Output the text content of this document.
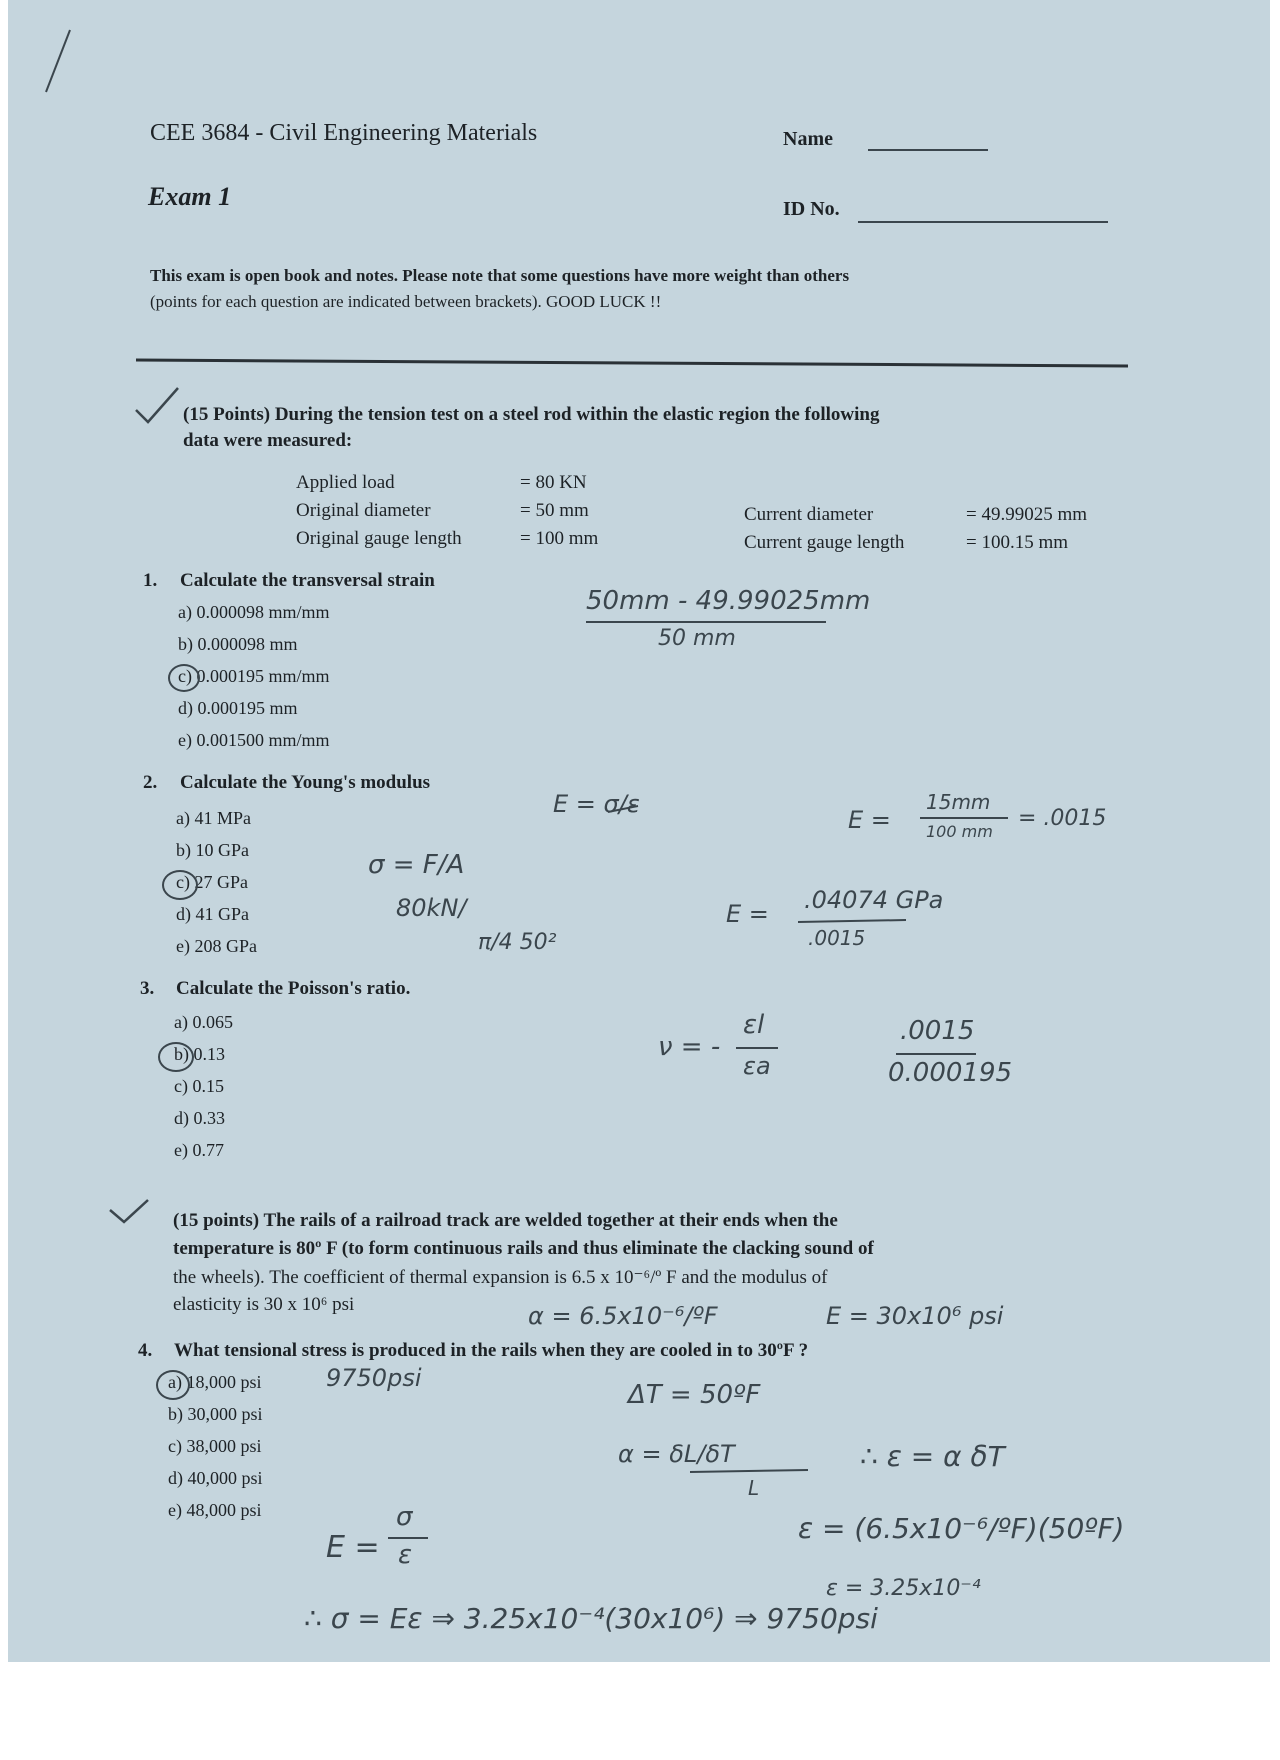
CEE 3684 - Civil Engineering Materials	Name
Exam 1	ID No.
This exam is open book and notes. Please note that some questions have more weight than others
(points for each question are indicated between brackets). GOOD LUCK !!
(15 Points) During the tension test on a steel rod within the elastic region the following
data were measured:
Applied load	= 80 KN
Original diameter	= 50 mm
Original gauge length	= 100 mm
Current diameter	= 49.99025 mm
Current gauge length	= 100.15 mm
1. Calculate the transversal strain
a) 0.000098 mm/mm
b) 0.000098 mm
c) 0.000195 mm/mm
d) 0.000195 mm
e) 0.001500 mm/mm
2. Calculate the Young's modulus
a) 41 MPa
b) 10 GPa
c) 27 GPa
d) 41 GPa
e) 208 GPa
3. Calculate the Poisson's ratio.
a) 0.065
b) 0.13
c) 0.15
d) 0.33
e) 0.77
(15 points) The rails of a railroad track are welded together at their ends when the
temperature is 80º F (to form continuous rails and thus eliminate the clacking sound of
the wheels). The coefficient of thermal expansion is 6.5 x 10⁻⁶/º F and the modulus of
elasticity is 30 x 10⁶ psi
4. What tensional stress is produced in the rails when they are cooled in to 30ºF ?
a) 18,000 psi
b) 30,000 psi
c) 38,000 psi
d) 40,000 psi
e) 48,000 psi
50mm - 49.99025mm
50 mm
E = σ/ε	15mm
E = 100 mm
= .0015
σ = F/A
80kN/
π/4 50²
E = .04074 GPa
.0015
ν = -
εl
εa
.0015
0.000195
α = 6.5x10⁻⁶/ºF	E = 30x10⁶ psi
9750psi
ΔT = 50ºF
α = δL/δT
L
∴ ε = α δT
ε = (6.5x10⁻⁶/ºF)(50ºF)
E =
σ
ε
ε = 3.25x10⁻⁴
∴ σ = Eε ⇒ 3.25x10⁻⁴(30x10⁶) ⇒ 9750psi
